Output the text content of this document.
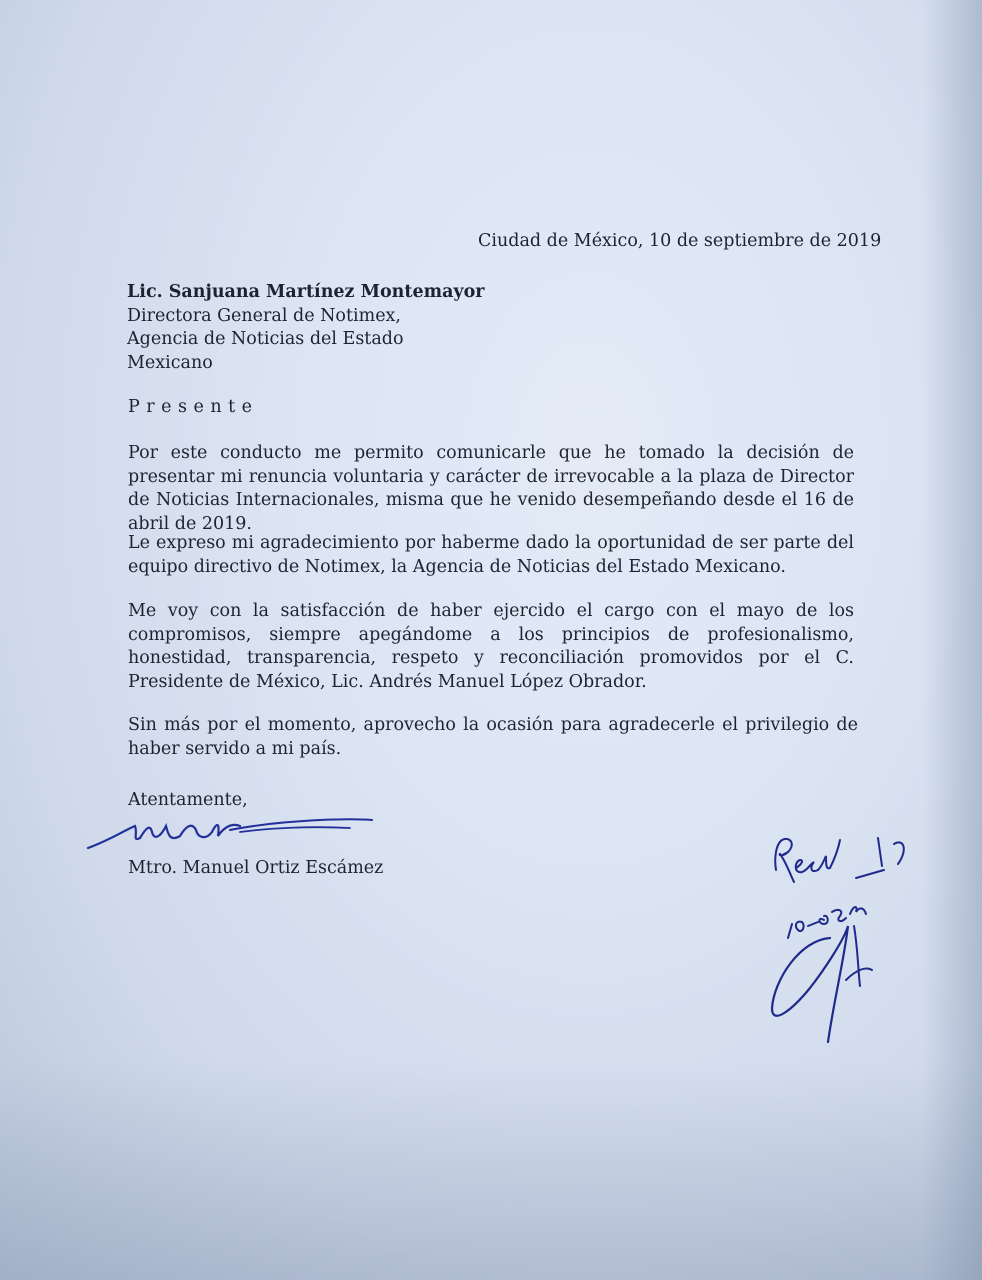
Ciudad de México, 10 de septiembre de 2019
Lic. Sanjuana Martínez Montemayor
Directora General de Notimex,
Agencia de Noticias del Estado
Mexicano
Presente
Por este conducto me permito comunicarle que he tomado la decisión de presentar mi renuncia voluntaria y carácter de irrevocable a la plaza de Director de Noticias Internacionales, misma que he venido desempeñando desde el 16 de abril de 2019.
Le expreso mi agradecimiento por haberme dado la oportunidad de ser parte del equipo directivo de Notimex, la Agencia de Noticias del Estado Mexicano.
Me voy con la satisfacción de haber ejercido el cargo con el mayo de los compromisos, siempre apegándome a los principios de profesionalismo, honestidad, transparencia, respeto y reconciliación promovidos por el C. Presidente de México, Lic. Andrés Manuel López Obrador.
Sin más por el momento, aprovecho la ocasión para agradecerle el privilegio de haber servido a mi país.
Atentamente,
Mtro. Manuel Ortiz Escámez
